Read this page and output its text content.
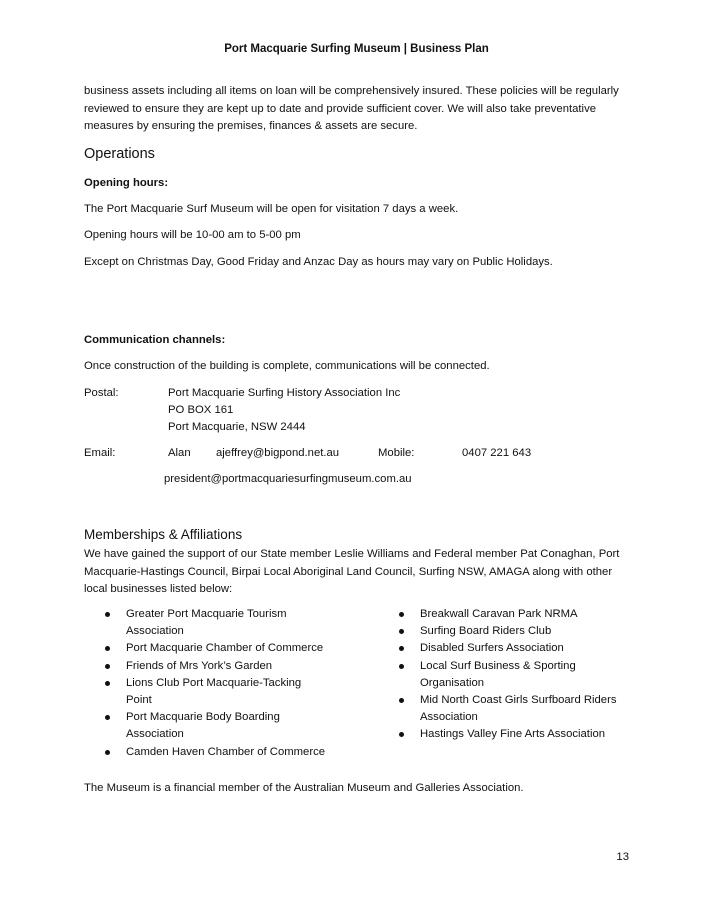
Port Macquarie Surfing Museum | Business Plan
business assets including all items on loan will be comprehensively insured. These policies will be regularly reviewed to ensure they are kept up to date and provide sufficient cover. We will also take preventative measures by ensuring the premises, finances & assets are secure.
Operations
Opening hours:
The Port Macquarie Surf Museum will be open for visitation 7 days a week.
Opening hours will be 10-00 am to 5-00 pm
Except on Christmas Day, Good Friday and Anzac Day as hours may vary on Public Holidays.
Communication channels:
Once construction of the building is complete, communications will be connected.
Postal:	Port Macquarie Surfing History Association Inc
PO BOX 161
Port Macquarie, NSW 2444
Email:	Alan ajeffrey@bigpond.net.au	Mobile:	0407 221 643
president@portmacquariesurfingmuseum.com.au
Memberships & Affiliations
We have gained the support of our State member Leslie Williams and Federal member Pat Conaghan, Port Macquarie-Hastings Council, Birpai Local Aboriginal Land Council, Surfing NSW, AMAGA along with other local businesses listed below:
Greater Port Macquarie Tourism Association
Port Macquarie Chamber of Commerce
Friends of Mrs York’s Garden
Lions Club Port Macquarie-Tacking Point
Port Macquarie Body Boarding Association
Camden Haven Chamber of Commerce
Breakwall Caravan Park NRMA
Surfing Board Riders Club
Disabled Surfers Association
Local Surf Business & Sporting Organisation
Mid North Coast Girls Surfboard Riders Association
Hastings Valley Fine Arts Association
The Museum is a financial member of the Australian Museum and Galleries Association.
13
